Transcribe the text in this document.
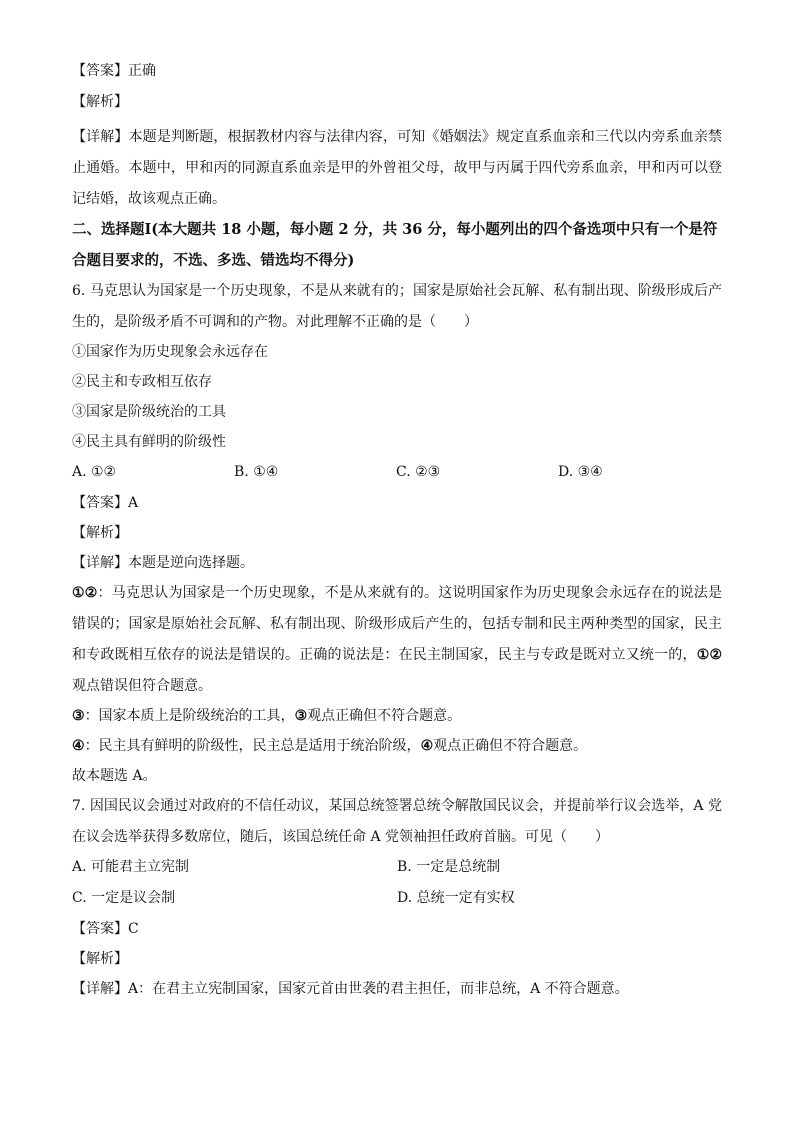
【答案】正确
【解析】
【详解】本题是判断题，根据教材内容与法律内容，可知《婚姻法》规定直系血亲和三代以内旁系血亲禁止通婚。本题中，甲和丙的同源直系血亲是甲的外曾祖父母，故甲与丙属于四代旁系血亲，甲和丙可以登记结婚，故该观点正确。
二、选择题Ⅰ(本大题共 18 小题，每小题 2 分，共 36 分，每小题列出的四个备选项中只有一个是符合题目要求的，不选、多选、错选均不得分)
6. 马克思认为国家是一个历史现象，不是从来就有的；国家是原始社会瓦解、私有制出现、阶级形成后产生的，是阶级矛盾不可调和的产物。对此理解不正确的是（　　）
①国家作为历史现象会永远存在
②民主和专政相互依存
③国家是阶级统治的工具
④民主具有鲜明的阶级性
A. ①②	B. ①④	C. ②③	D. ③④
【答案】A
【解析】
【详解】本题是逆向选择题。
①②：马克思认为国家是一个历史现象，不是从来就有的。这说明国家作为历史现象会永远存在的说法是错误的；国家是原始社会瓦解、私有制出现、阶级形成后产生的，包括专制和民主两种类型的国家，民主和专政既相互依存的说法是错误的。正确的说法是：在民主制国家，民主与专政是既对立又统一的，①②观点错误但符合题意。
③：国家本质上是阶级统治的工具，③观点正确但不符合题意。
④：民主具有鲜明的阶级性，民主总是适用于统治阶级，④观点正确但不符合题意。
故本题选 A。
7. 因国民议会通过对政府的不信任动议，某国总统签署总统令解散国民议会，并提前举行议会选举，A 党在议会选举获得多数席位，随后，该国总统任命 A 党领袖担任政府首脑。可见（　　）
A. 可能君主立宪制	B. 一定是总统制
C. 一定是议会制	D. 总统一定有实权
【答案】C
【解析】
【详解】A：在君主立宪制国家，国家元首由世袭的君主担任，而非总统，A 不符合题意。
